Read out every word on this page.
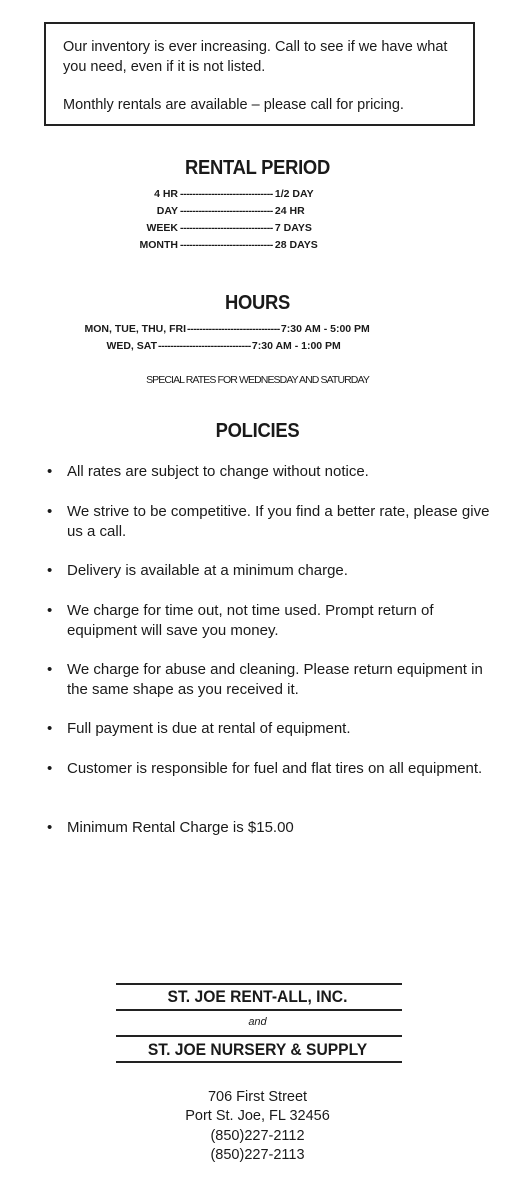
Our inventory is ever increasing. Call to see if we have what you need, even if it is not listed.

Monthly rentals are available – please call for pricing.

RENTAL PERIOD
4 HR ------------------------------ 1/2 DAY
DAY ------------------------------ 24 HR
WEEK ------------------------------ 7 DAYS
MONTH ------------------------------ 28 DAYS
HOURS
MON, TUE, THU, FRI ------------------------------ 7:30 AM - 5:00 PM
WED, SAT ------------------------------ 7:30 AM - 1:00 PM
SPECIAL RATES FOR WEDNESDAY AND SATURDAY
POLICIES
• All rates are subject to change without notice.
• We strive to be competitive. If you find a better rate, please give us a call.
• Delivery is available at a minimum charge.
• We charge for time out, not time used. Prompt return of equipment will save you money.
• We charge for abuse and cleaning. Please return equipment in the same shape as you received it.
• Full payment is due at rental of equipment.
• Customer is responsible for fuel and flat tires on all equipment.
• Minimum Rental Charge is $15.00
ST. JOE RENT-ALL, INC.
and
ST. JOE NURSERY & SUPPLY
706 First Street
Port St. Joe, FL 32456
(850)227-2112
(850)227-2113
